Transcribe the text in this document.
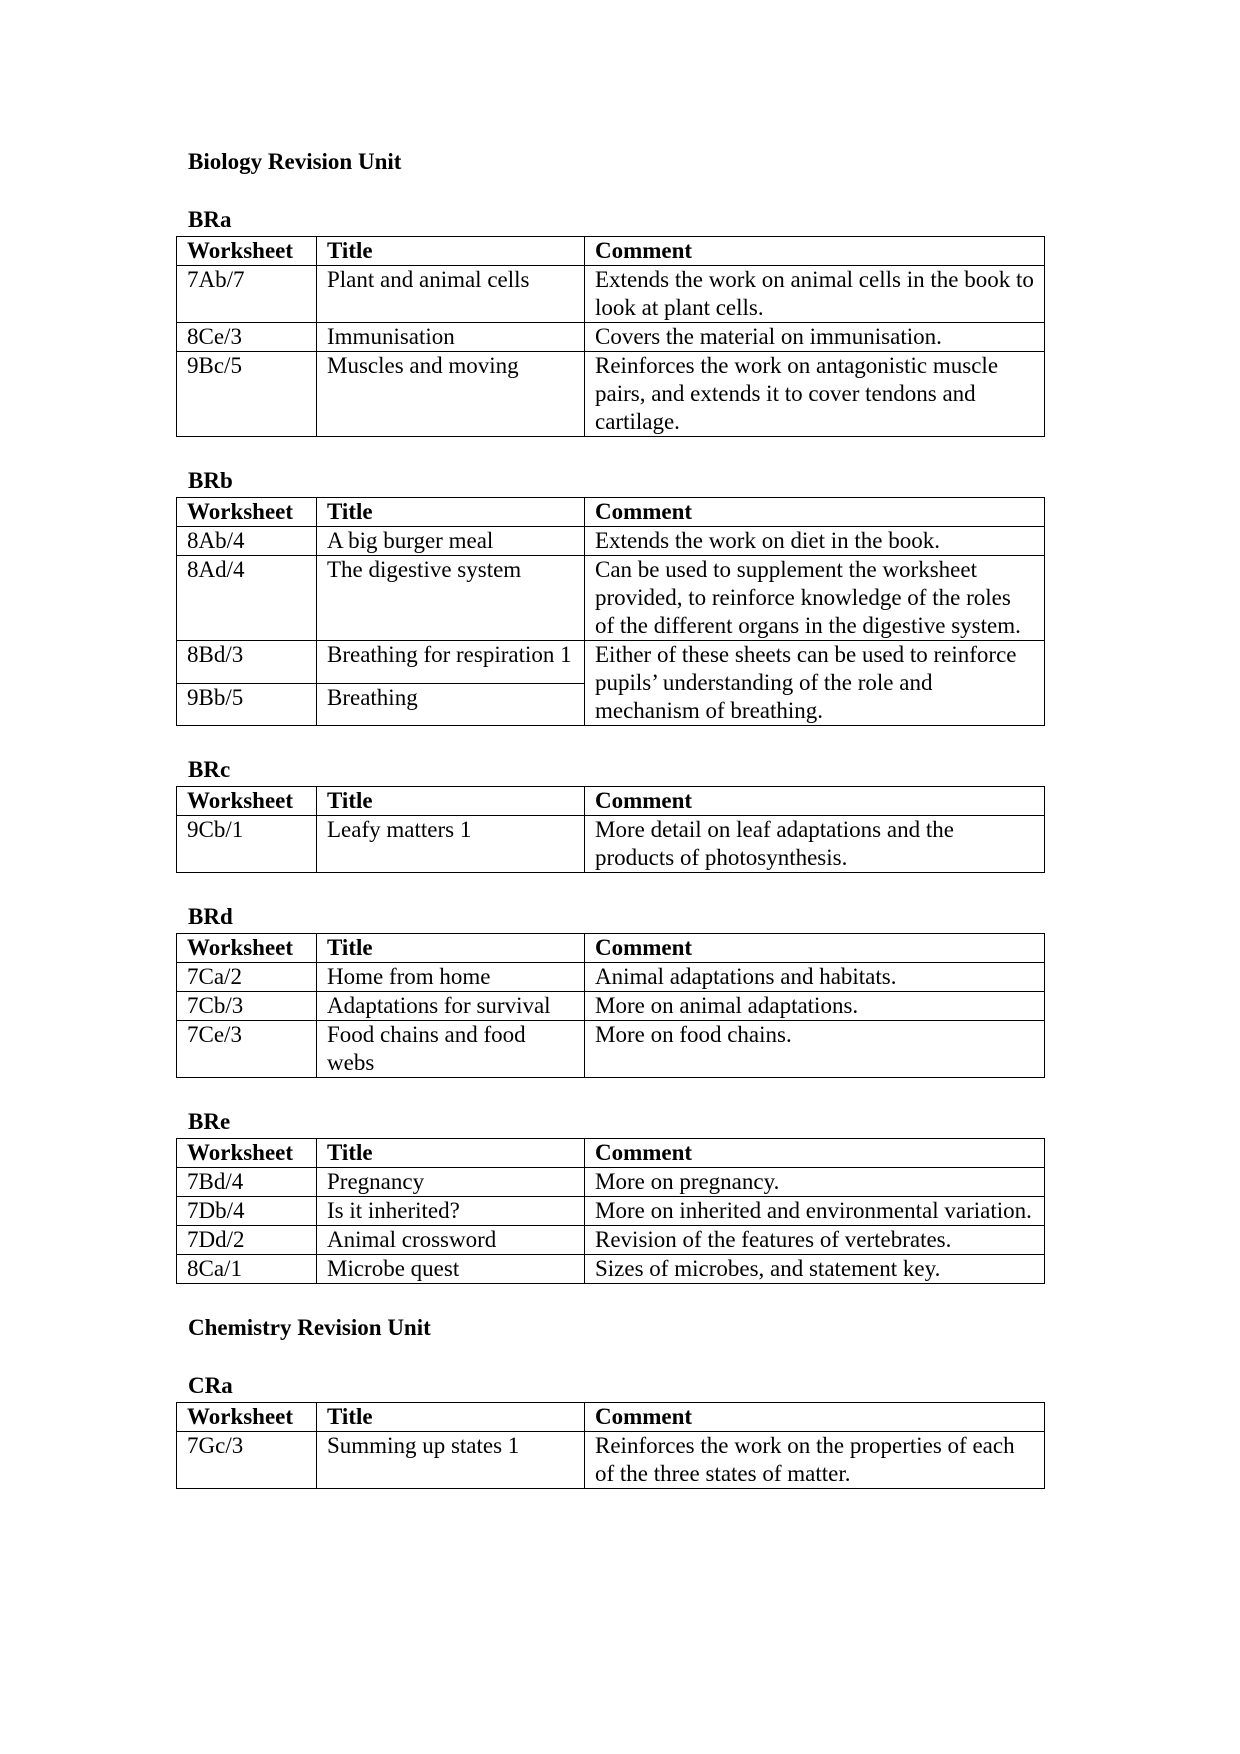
Biology Revision Unit
BRa
Worksheet	Title	Comment
7Ab/7	Plant and animal cells	Extends the work on animal cells in the book to look at plant cells.
8Ce/3	Immunisation	Covers the material on immunisation.
9Bc/5	Muscles and moving	Reinforces the work on antagonistic muscle pairs, and extends it to cover tendons and cartilage.
BRb
Worksheet	Title	Comment
8Ab/4	A big burger meal	Extends the work on diet in the book.
8Ad/4	The digestive system	Can be used to supplement the worksheet provided, to reinforce knowledge of the roles of the different organs in the digestive system.
8Bd/3	Breathing for respiration 1	Either of these sheets can be used to reinforce pupils’ understanding of the role and mechanism of breathing.
9Bb/5	Breathing	
BRc
Worksheet	Title	Comment
9Cb/1	Leafy matters 1	More detail on leaf adaptations and the products of photosynthesis.
BRd
Worksheet	Title	Comment
7Ca/2	Home from home	Animal adaptations and habitats.
7Cb/3	Adaptations for survival	More on animal adaptations.
7Ce/3	Food chains and food webs	More on food chains.
BRe
Worksheet	Title	Comment
7Bd/4	Pregnancy	More on pregnancy.
7Db/4	Is it inherited?	More on inherited and environmental variation.
7Dd/2	Animal crossword	Revision of the features of vertebrates.
8Ca/1	Microbe quest	Sizes of microbes, and statement key.
Chemistry Revision Unit
CRa
Worksheet	Title	Comment
7Gc/3	Summing up states 1	Reinforces the work on the properties of each of the three states of matter.
